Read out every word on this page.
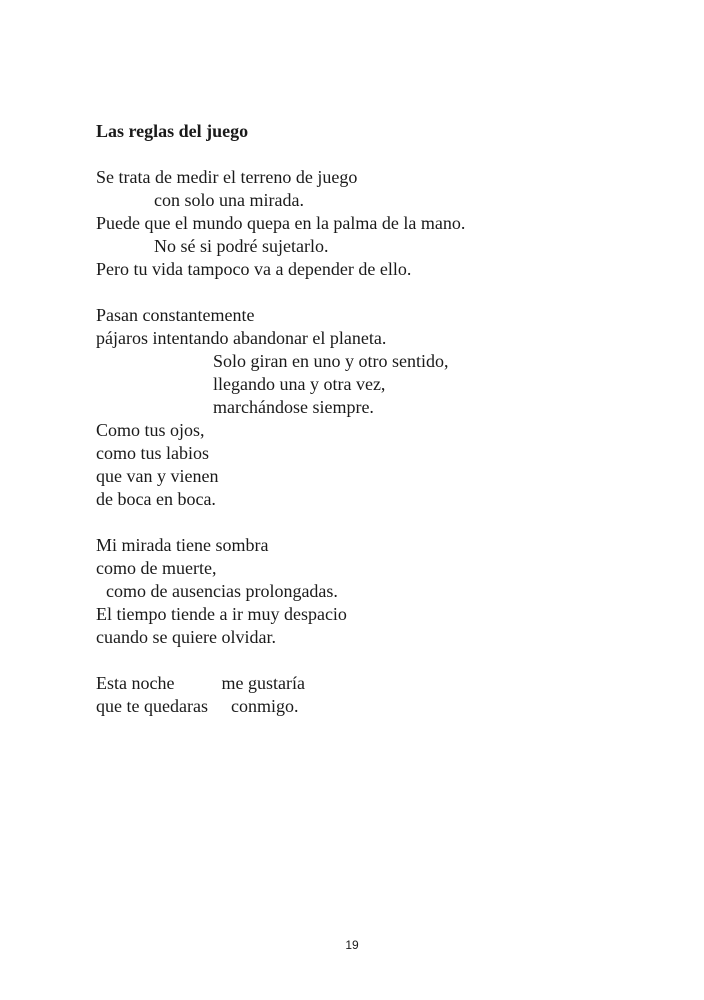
Las reglas del juego
Se trata de medir el terreno de juego
con solo una mirada.
Puede que el mundo quepa en la palma de la mano.
No sé si podré sujetarlo.
Pero tu vida tampoco va a depender de ello.
Pasan constantemente
pájaros intentando abandonar el planeta.
Solo giran en uno y otro sentido,
llegando una y otra vez,
marchándose siempre.
Como tus ojos,
como tus labios
que van y vienen
de boca en boca.
Mi mirada tiene sombra
como de muerte,
como de ausencias prolongadas.
El tiempo tiende a ir muy despacio
cuando se quiere olvidar.
Esta noche	me gustaría
que te quedaras conmigo.
19
